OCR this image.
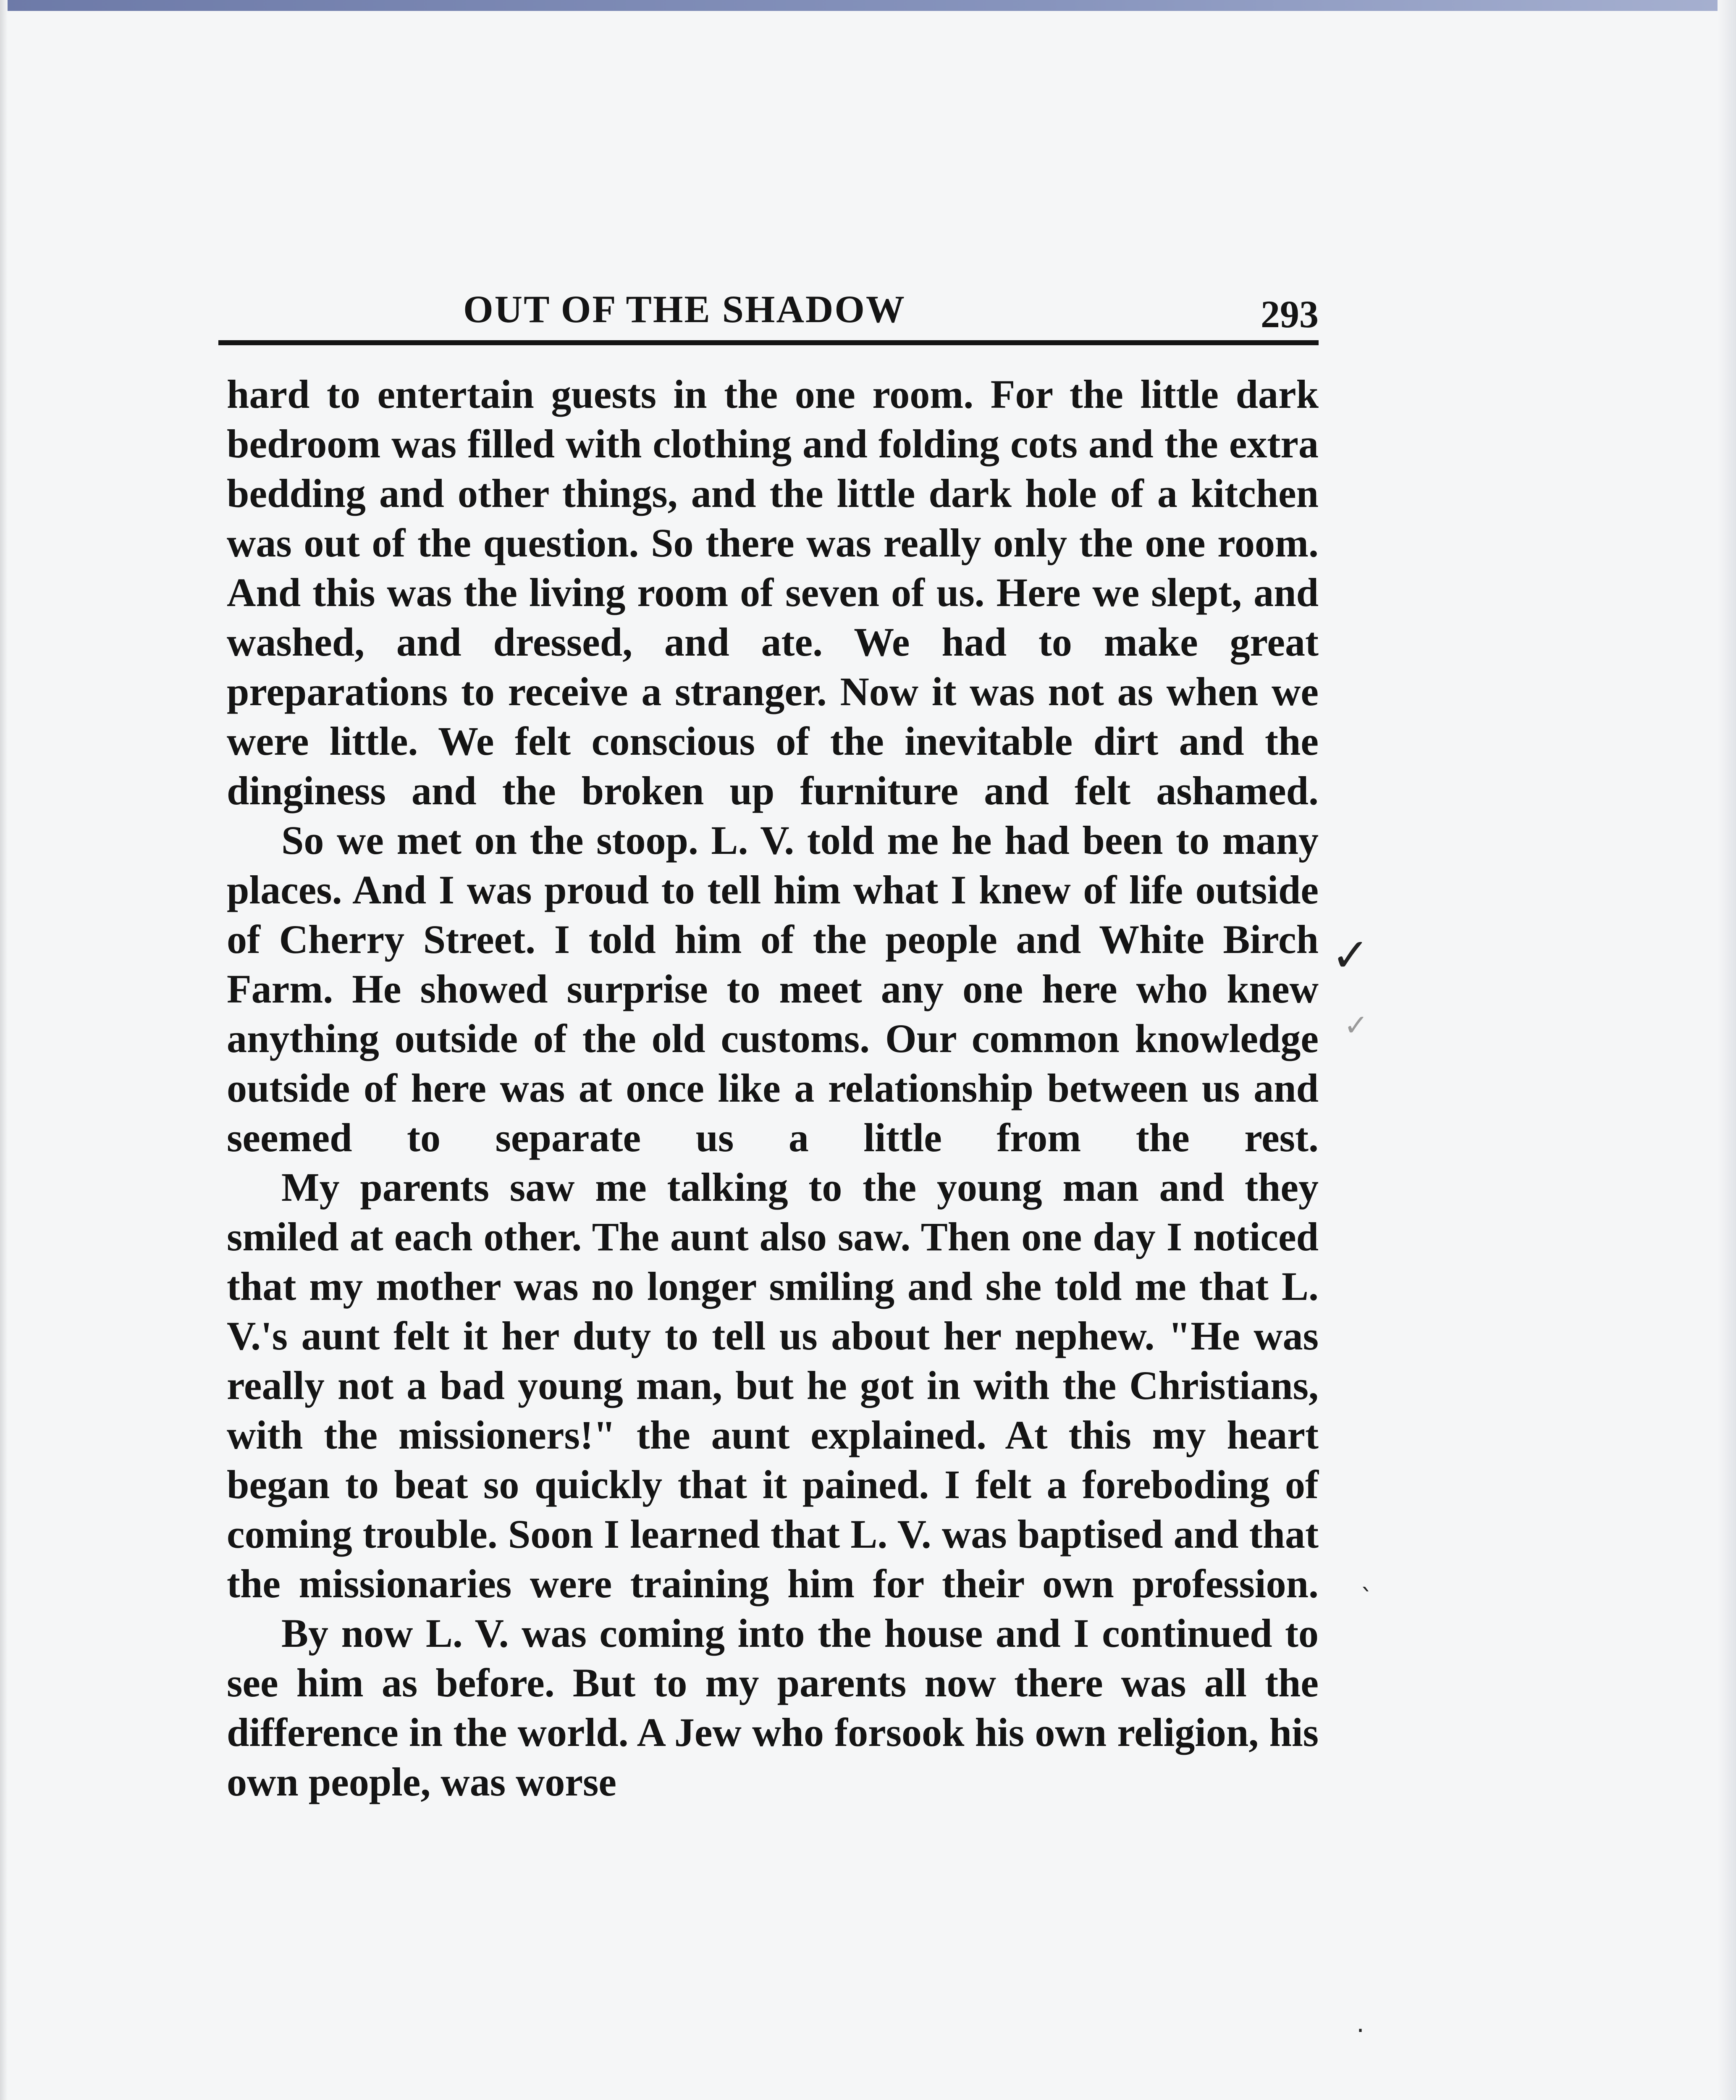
OUT OF THE SHADOW	293

hard to entertain guests in the one room. For the little dark bedroom was filled with clothing and folding cots and the extra bedding and other things, and the little dark hole of a kitchen was out of the question. So there was really only the one room. And this was the living room of seven of us. Here we slept, and washed, and dressed, and ate. We had to make great preparations to receive a stranger. Now it was not as when we were little. We felt conscious of the inevitable dirt and the dinginess and the broken up furniture and felt ashamed.

So we met on the stoop. L. V. told me he had been to many places. And I was proud to tell him what I knew of life outside of Cherry Street. I told him of the people and White Birch Farm. He showed surprise to meet any one here who knew anything outside of the old customs. Our common knowledge outside of here was at once like a relationship between us and seemed to separate us a little from the rest.

My parents saw me talking to the young man and they smiled at each other. The aunt also saw. Then one day I noticed that my mother was no longer smiling and she told me that L. V.'s aunt felt it her duty to tell us about her nephew. "He was really not a bad young man, but he got in with the Christians, with the missioners!" the aunt explained. At this my heart began to beat so quickly that it pained. I felt a foreboding of coming trouble. Soon I learned that L. V. was baptised and that the missionaries were training him for their own profession.

By now L. V. was coming into the house and I continued to see him as before. But to my parents now there was all the difference in the world. A Jew who forsook his own religion, his own people, was worse

✓
✓
ˎ
·
